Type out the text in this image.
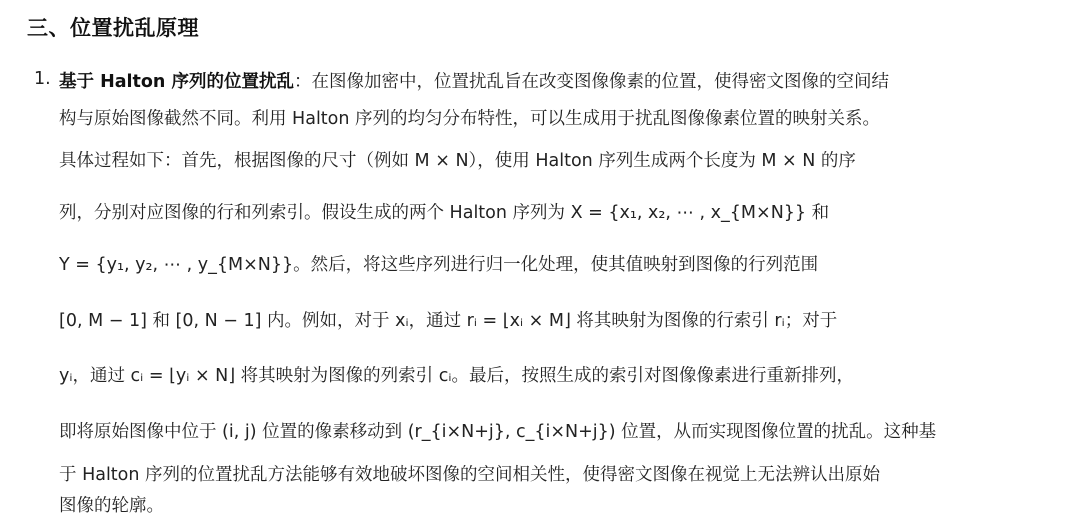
三、位置扰乱原理
1. 基于 Halton 序列的位置扰乱：在图像加密中，位置扰乱旨在改变图像像素的位置，使得密文图像的空间结
构与原始图像截然不同。利用 Halton 序列的均匀分布特性，可以生成用于扰乱图像像素位置的映射关系。
具体过程如下：首先，根据图像的尺寸（例如 M × N），使用 Halton 序列生成两个长度为 M × N 的序
列，分别对应图像的行和列索引。假设生成的两个 Halton 序列为 X = {x₁, x₂, ⋯ , x_{M×N}} 和
Y = {y₁, y₂, ⋯ , y_{M×N}}。然后，将这些序列进行归一化处理，使其值映射到图像的行列范围
[0, M − 1] 和 [0, N − 1] 内。例如，对于 xᵢ，通过 rᵢ = ⌊xᵢ × M⌋ 将其映射为图像的行索引 rᵢ；对于
yᵢ，通过 cᵢ = ⌊yᵢ × N⌋ 将其映射为图像的列索引 cᵢ。最后，按照生成的索引对图像像素进行重新排列，
即将原始图像中位于 (i, j) 位置的像素移动到 (r_{i×N+j}, c_{i×N+j}) 位置，从而实现图像位置的扰乱。这种基
于 Halton 序列的位置扰乱方法能够有效地破坏图像的空间相关性，使得密文图像在视觉上无法辨认出原始
图像的轮廓。
